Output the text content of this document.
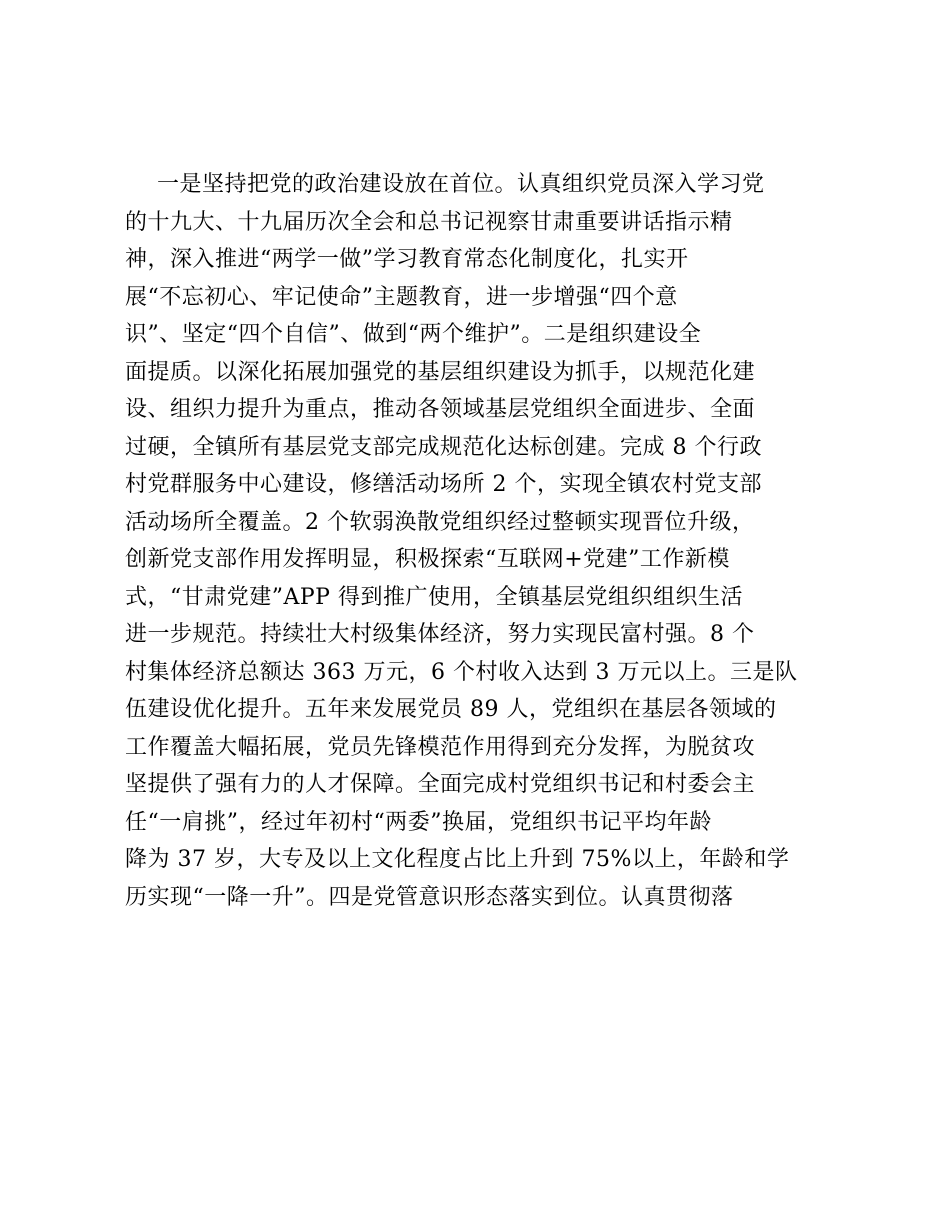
一是坚持把党的政治建设放在首位。认真组织党员深入学习党
的十九大、十九届历次全会和总书记视察甘肃重要讲话指示精
神，深入推进“两学一做”学习教育常态化制度化，扎实开
展“不忘初心、牢记使命”主题教育，进一步增强“四个意
识”、坚定“四个自信”、做到“两个维护”。二是组织建设全
面提质。以深化拓展加强党的基层组织建设为抓手，以规范化建
设、组织力提升为重点，推动各领域基层党组织全面进步、全面
过硬，全镇所有基层党支部完成规范化达标创建。完成 8 个行政
村党群服务中心建设，修缮活动场所 2 个，实现全镇农村党支部
活动场所全覆盖。2 个软弱涣散党组织经过整顿实现晋位升级，
创新党支部作用发挥明显，积极探索“互联网+党建”工作新模
式，“甘肃党建”APP 得到推广使用，全镇基层党组织组织生活
进一步规范。持续壮大村级集体经济，努力实现民富村强。8 个
村集体经济总额达 363 万元，6 个村收入达到 3 万元以上。三是队
伍建设优化提升。五年来发展党员 89 人，党组织在基层各领域的
工作覆盖大幅拓展，党员先锋模范作用得到充分发挥，为脱贫攻
坚提供了强有力的人才保障。全面完成村党组织书记和村委会主
任“一肩挑”，经过年初村“两委”换届，党组织书记平均年龄
降为 37 岁，大专及以上文化程度占比上升到 75%以上，年龄和学
历实现“一降一升”。四是党管意识形态落实到位。认真贯彻落
